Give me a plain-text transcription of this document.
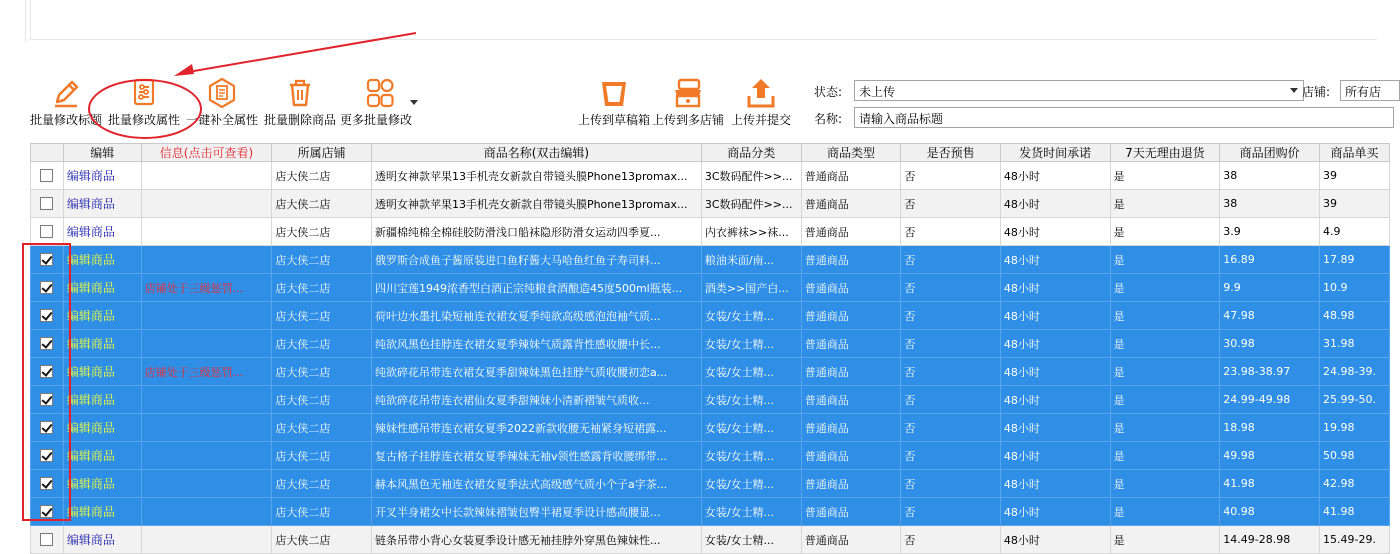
批量修改标题 批量修改属性 一键补全属性 批量删除商品 更多批量修改	上传到草稿箱 上传到多店铺 上传并提交
状态:	未上传	店铺:	所有店
名称:	请输入商品标题
	编辑	信息(点击可查看)	所属店铺	商品名称(双击编辑)	商品分类	商品类型	是否预售	发货时间承诺	7天无理由退货	商品团购价	商品单买
	编辑商品		店大侠二店	透明女神款苹果13手机壳女新款自带镜头膜Phone13promax...	3C数码配件>>...	普通商品	否	48小时	是	38	39
	编辑商品		店大侠二店	透明女神款苹果13手机壳女新款自带镜头膜Phone13promax...	3C数码配件>>...	普通商品	否	48小时	是	38	39
	编辑商品		店大侠二店	新疆棉纯棉全棉硅胶防滑浅口船袜隐形防滑女运动四季夏...	内衣裤袜>>袜...	普通商品	否	48小时	是	3.9	4.9
	编辑商品		店大侠二店	俄罗斯合成鱼子酱原装进口鱼籽酱大马哈鱼红鱼子寿司料...	粮油米面/南...	普通商品	否	48小时	是	16.89	17.89
	编辑商品	店铺处于三级惩罚...	店大侠二店	四川宝莲1949浓香型白酒正宗纯粮食酒酿造45度500ml瓶装...	酒类>>国产白...	普通商品	否	48小时	是	9.9	10.9
	编辑商品		店大侠二店	荷叶边水墨扎染短袖连衣裙女夏季纯欲高级感泡泡袖气质...	女装/女士精...	普通商品	否	48小时	是	47.98	48.98
	编辑商品		店大侠二店	纯欲风黑色挂脖连衣裙女夏季辣妹气质露背性感收腰中长...	女装/女士精...	普通商品	否	48小时	是	30.98	31.98
	编辑商品	店铺处于三级惩罚...	店大侠二店	纯欲碎花吊带连衣裙女夏季甜辣妹黑色挂脖气质收腰初恋a...	女装/女士精...	普通商品	否	48小时	是	23.98-38.97	24.98-39.
	编辑商品		店大侠二店	纯欲碎花吊带连衣裙仙女夏季甜辣妹小清新褶皱气质收...	女装/女士精...	普通商品	否	48小时	是	24.99-49.98	25.99-50.
	编辑商品		店大侠二店	辣妹性感吊带连衣裙女夏季2022新款收腰无袖紧身短裙露...	女装/女士精...	普通商品	否	48小时	是	18.98	19.98
	编辑商品		店大侠二店	复古格子挂脖连衣裙女夏季辣妹无袖v领性感露背收腰绑带...	女装/女士精...	普通商品	否	48小时	是	49.98	50.98
	编辑商品		店大侠二店	赫本风黑色无袖连衣裙女夏季法式高级感气质小个子a字茶...	女装/女士精...	普通商品	否	48小时	是	41.98	42.98
	编辑商品		店大侠二店	开叉半身裙女中长款辣妹褶皱包臀半裙夏季设计感高腰显...	女装/女士精...	普通商品	否	48小时	是	40.98	41.98
	编辑商品		店大侠二店	链条吊带小背心女装夏季设计感无袖挂脖外穿黑色辣妹性...	女装/女士精...	普通商品	否	48小时	是	14.49-28.98	15.49-29.
